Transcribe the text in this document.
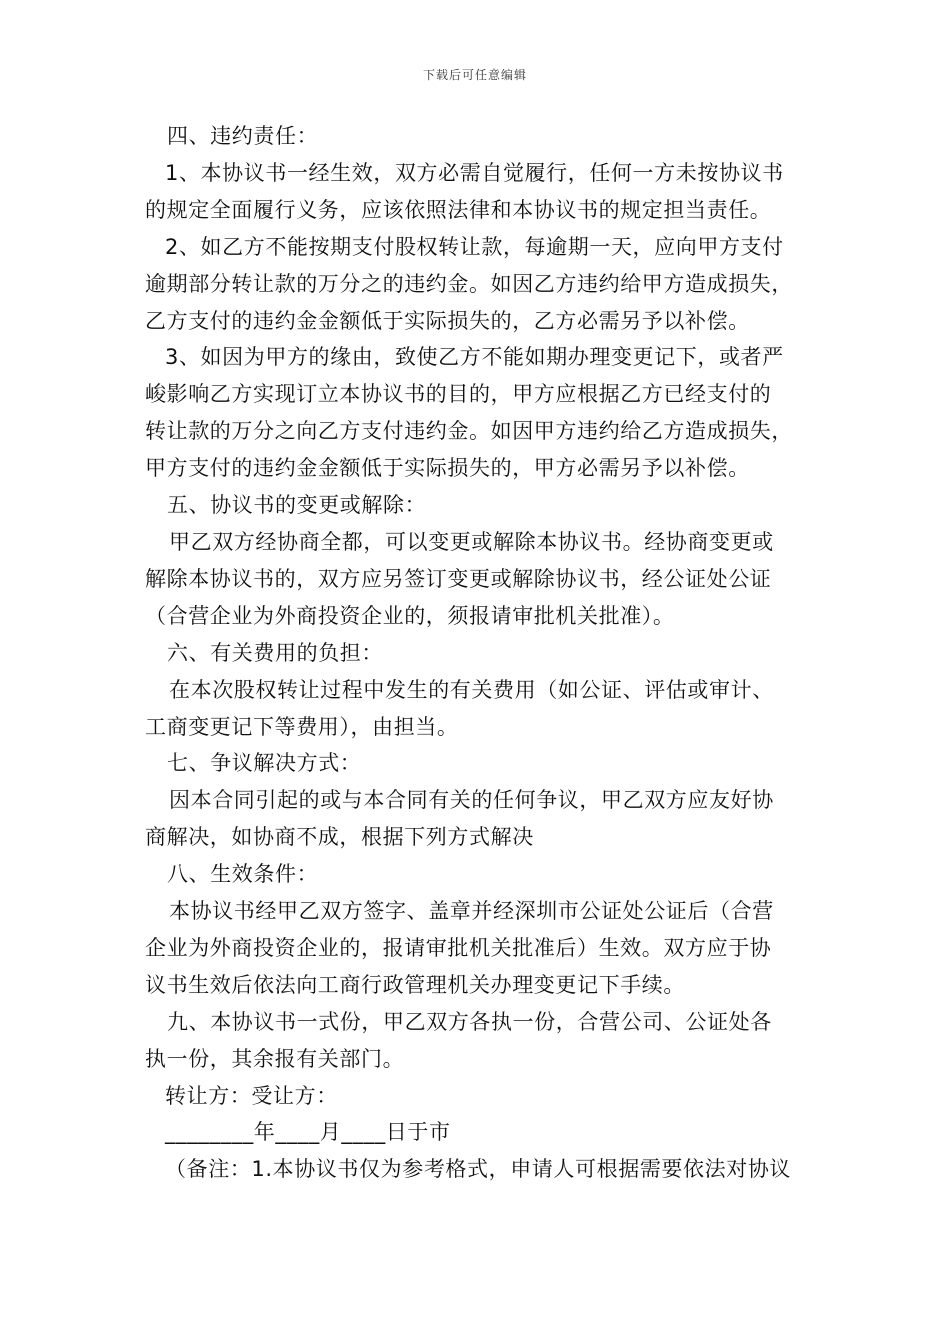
下载后可任意编辑
四、违约责任：
1、本协议书一经生效，双方必需自觉履行，任何一方未按协议书
的规定全面履行义务，应该依照法律和本协议书的规定担当责任。
2、如乙方不能按期支付股权转让款，每逾期一天，应向甲方支付
逾期部分转让款的万分之的违约金。如因乙方违约给甲方造成损失，
乙方支付的违约金金额低于实际损失的，乙方必需另予以补偿。
3、如因为甲方的缘由，致使乙方不能如期办理变更记下，或者严
峻影响乙方实现订立本协议书的目的，甲方应根据乙方已经支付的
转让款的万分之向乙方支付违约金。如因甲方违约给乙方造成损失，
甲方支付的违约金金额低于实际损失的，甲方必需另予以补偿。
五、协议书的变更或解除：
甲乙双方经协商全都，可以变更或解除本协议书。经协商变更或
解除本协议书的，双方应另签订变更或解除协议书，经公证处公证
（合营企业为外商投资企业的，须报请审批机关批准）。
六、有关费用的负担：
在本次股权转让过程中发生的有关费用（如公证、评估或审计、
工商变更记下等费用），由担当。
七、争议解决方式：
因本合同引起的或与本合同有关的任何争议，甲乙双方应友好协
商解决，如协商不成，根据下列方式解决
八、生效条件：
本协议书经甲乙双方签字、盖章并经深圳市公证处公证后（合营
企业为外商投资企业的，报请审批机关批准后）生效。双方应于协
议书生效后依法向工商行政管理机关办理变更记下手续。
九、本协议书一式份，甲乙双方各执一份，合营公司、公证处各
执一份，其余报有关部门。
转让方：受让方：
________年____月____日于市
（备注：1.本协议书仅为参考格式，申请人可根据需要依法对协议
